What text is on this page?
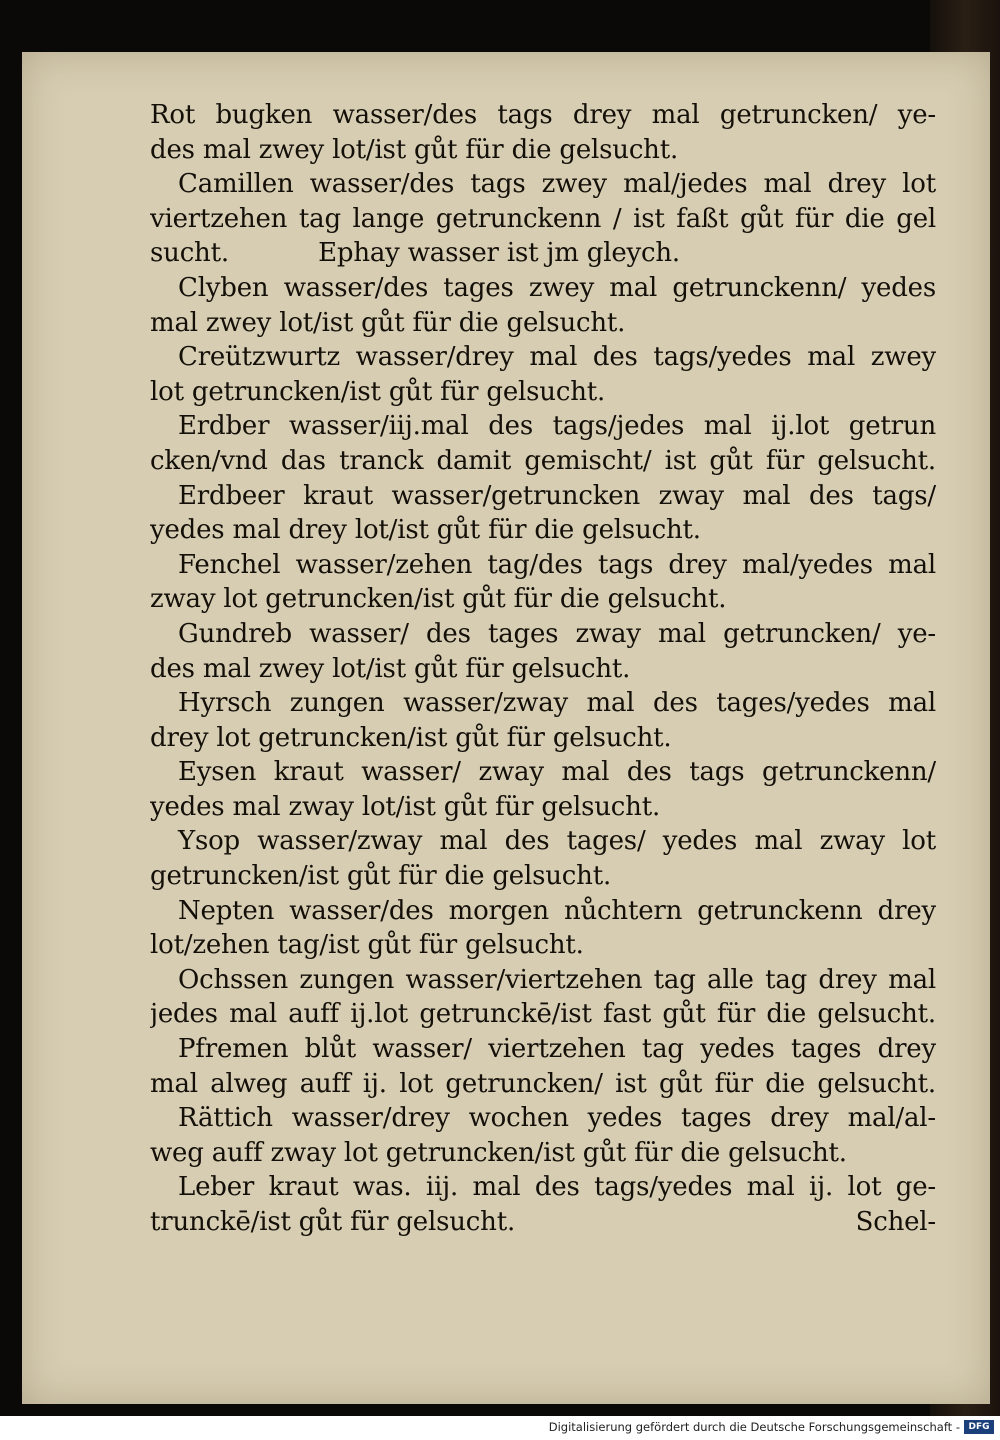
Rot bugken wasser/des tags drey mal getruncken/ ye-
des mal zwey lot/ist gůt für die gelsucht.
Camillen wasser/des tags zwey mal/jedes mal drey lot
viertzehen tag lange getrunckenn / ist faßt gůt für die gel
sucht.	Ephay wasser ist jm gleych.
Clyben wasser/des tages zwey mal getrunckenn/ yedes
mal zwey lot/ist gůt für die gelsucht.
Creützwurtz wasser/drey mal des tags/yedes mal zwey
lot getruncken/ist gůt für gelsucht.
Erdber wasser/iij.mal des tags/jedes mal ij.lot getrun
cken/vnd das tranck damit gemischt/ ist gůt für gelsucht.
Erdbeer kraut wasser/getruncken zway mal des tags/
yedes mal drey lot/ist gůt für die gelsucht.
Fenchel wasser/zehen tag/des tags drey mal/yedes mal
zway lot getruncken/ist gůt für die gelsucht.
Gundreb wasser/ des tages zway mal getruncken/ ye-
des mal zwey lot/ist gůt für gelsucht.
Hyrsch zungen wasser/zway mal des tages/yedes mal
drey lot getruncken/ist gůt für gelsucht.
Eysen kraut wasser/ zway mal des tags getrunckenn/
yedes mal zway lot/ist gůt für gelsucht.
Ysop wasser/zway mal des tages/ yedes mal zway lot
getruncken/ist gůt für die gelsucht.
Nepten wasser/des morgen nůchtern getrunckenn drey
lot/zehen tag/ist gůt für gelsucht.
Ochssen zungen wasser/viertzehen tag alle tag drey mal
jedes mal auff ij.lot getrunckē/ist fast gůt für die gelsucht.
Pfremen blůt wasser/ viertzehen tag yedes tages drey
mal alweg auff ij. lot getruncken/ ist gůt für die gelsucht.
Rättich wasser/drey wochen yedes tages drey mal/al-
weg auff zway lot getruncken/ist gůt für die gelsucht.
Leber kraut was. iij. mal des tags/yedes mal ij. lot ge-
trunckē/ist gůt für gelsucht.	Schel-
Digitalisierung gefördert durch die Deutsche Forschungsgemeinschaft - DFG
